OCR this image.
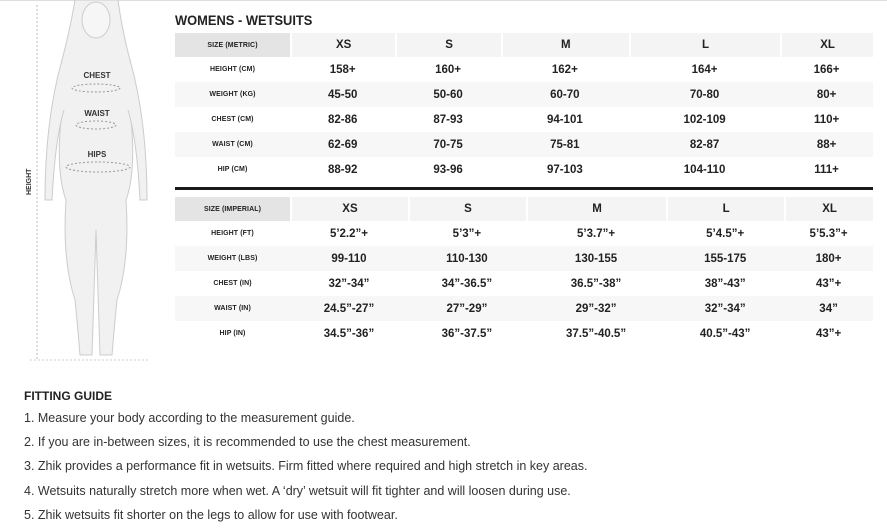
HEIGHT
CHEST
WAIST
HIPS
WOMENS - WETSUITS
SIZE (METRIC)	XS	S	M	L	XL
HEIGHT (CM)	158+	160+	162+	164+	166+
WEIGHT (KG)	45-50	50-60	60-70	70-80	80+
CHEST (CM)	82-86	87-93	94-101	102-109	110+
WAIST (CM)	62-69	70-75	75-81	82-87	88+
HIP (CM)	88-92	93-96	97-103	104-110	111+
SIZE (IMPERIAL)	XS	S	M	L	XL
HEIGHT (FT)	5’2.2”+	5’3”+	5’3.7”+	5’4.5”+	5’5.3”+
WEIGHT (LBS)	99-110	110-130	130-155	155-175	180+
CHEST (IN)	32”-34”	34”-36.5”	36.5”-38”	38”-43”	43”+
WAIST (IN)	24.5”-27”	27”-29”	29”-32”	32”-34”	34”
HIP (IN)	34.5”-36”	36”-37.5”	37.5”-40.5”	40.5”-43”	43”+
FITTING GUIDE

1. Measure your body according to the measurement guide.

2. If you are in-between sizes, it is recommended to use the chest measurement.

3. Zhik provides a performance fit in wetsuits. Firm fitted where required and high stretch in key areas.

4. Wetsuits naturally stretch more when wet. A ‘dry’ wetsuit will fit tighter and will loosen during use.

5. Zhik wetsuits fit shorter on the legs to allow for use with footwear.
